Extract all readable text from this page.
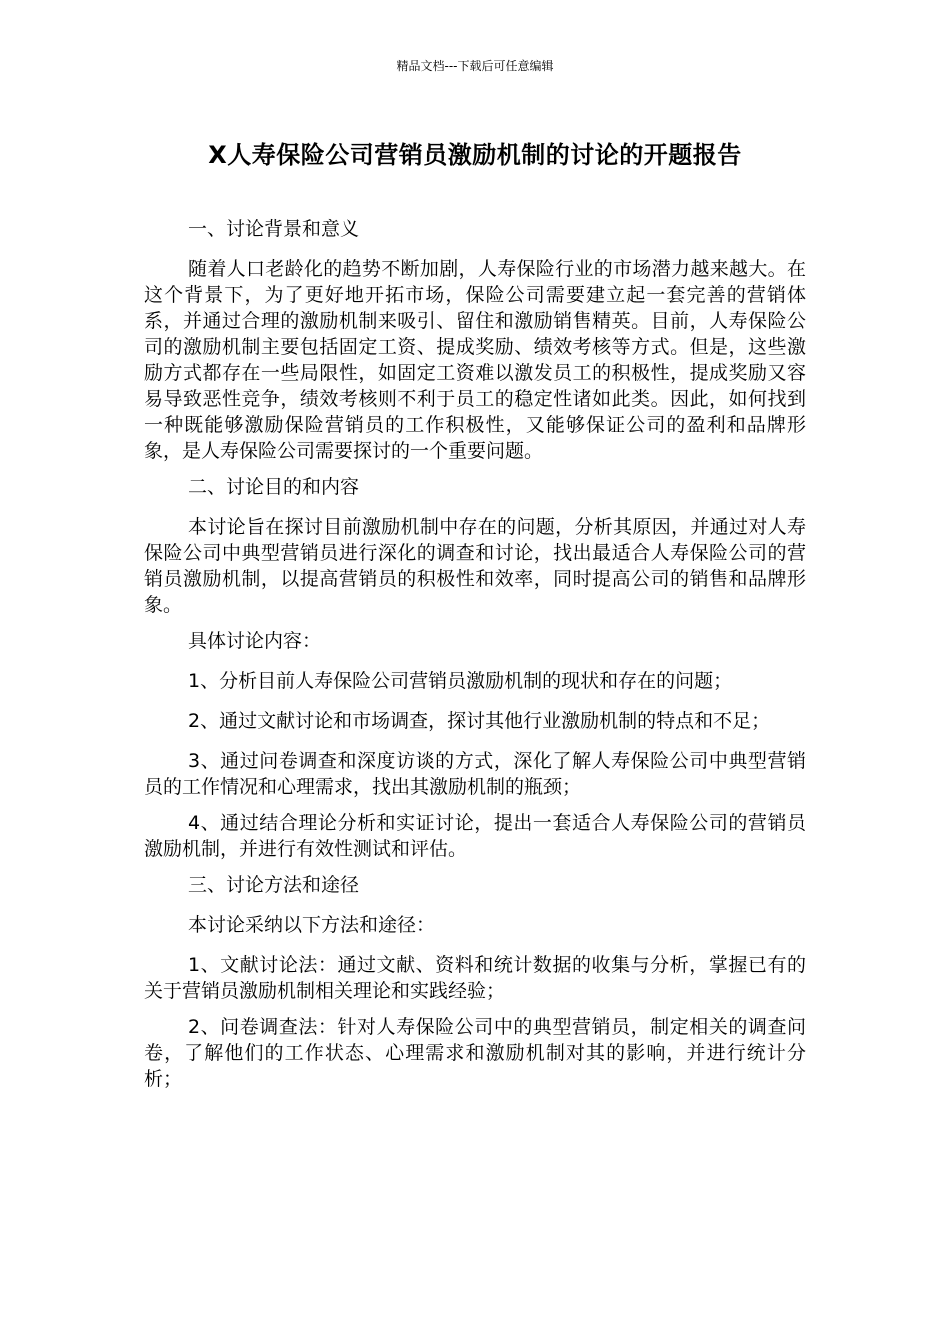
精品文档---下载后可任意编辑
X人寿保险公司营销员激励机制的讨论的开题报告

一、讨论背景和意义

随着人口老龄化的趋势不断加剧，人寿保险行业的市场潜力越来越大。在这个背景下，为了更好地开拓市场，保险公司需要建立起一套完善的营销体系，并通过合理的激励机制来吸引、留住和激励销售精英。目前，人寿保险公司的激励机制主要包括固定工资、提成奖励、绩效考核等方式。但是，这些激励方式都存在一些局限性，如固定工资难以激发员工的积极性，提成奖励又容易导致恶性竞争，绩效考核则不利于员工的稳定性诸如此类。因此，如何找到一种既能够激励保险营销员的工作积极性，又能够保证公司的盈利和品牌形象，是人寿保险公司需要探讨的一个重要问题。

二、讨论目的和内容

本讨论旨在探讨目前激励机制中存在的问题，分析其原因，并通过对人寿保险公司中典型营销员进行深化的调查和讨论，找出最适合人寿保险公司的营销员激励机制，以提高营销员的积极性和效率，同时提高公司的销售和品牌形象。

具体讨论内容：

1、分析目前人寿保险公司营销员激励机制的现状和存在的问题；

2、通过文献讨论和市场调查，探讨其他行业激励机制的特点和不足；

3、通过问卷调查和深度访谈的方式，深化了解人寿保险公司中典型营销员的工作情况和心理需求，找出其激励机制的瓶颈；

4、通过结合理论分析和实证讨论，提出一套适合人寿保险公司的营销员激励机制，并进行有效性测试和评估。

三、讨论方法和途径

本讨论采纳以下方法和途径：

1、文献讨论法：通过文献、资料和统计数据的收集与分析，掌握已有的关于营销员激励机制相关理论和实践经验；

2、问卷调查法：针对人寿保险公司中的典型营销员，制定相关的调查问卷，了解他们的工作状态、心理需求和激励机制对其的影响，并进行统计分析；
